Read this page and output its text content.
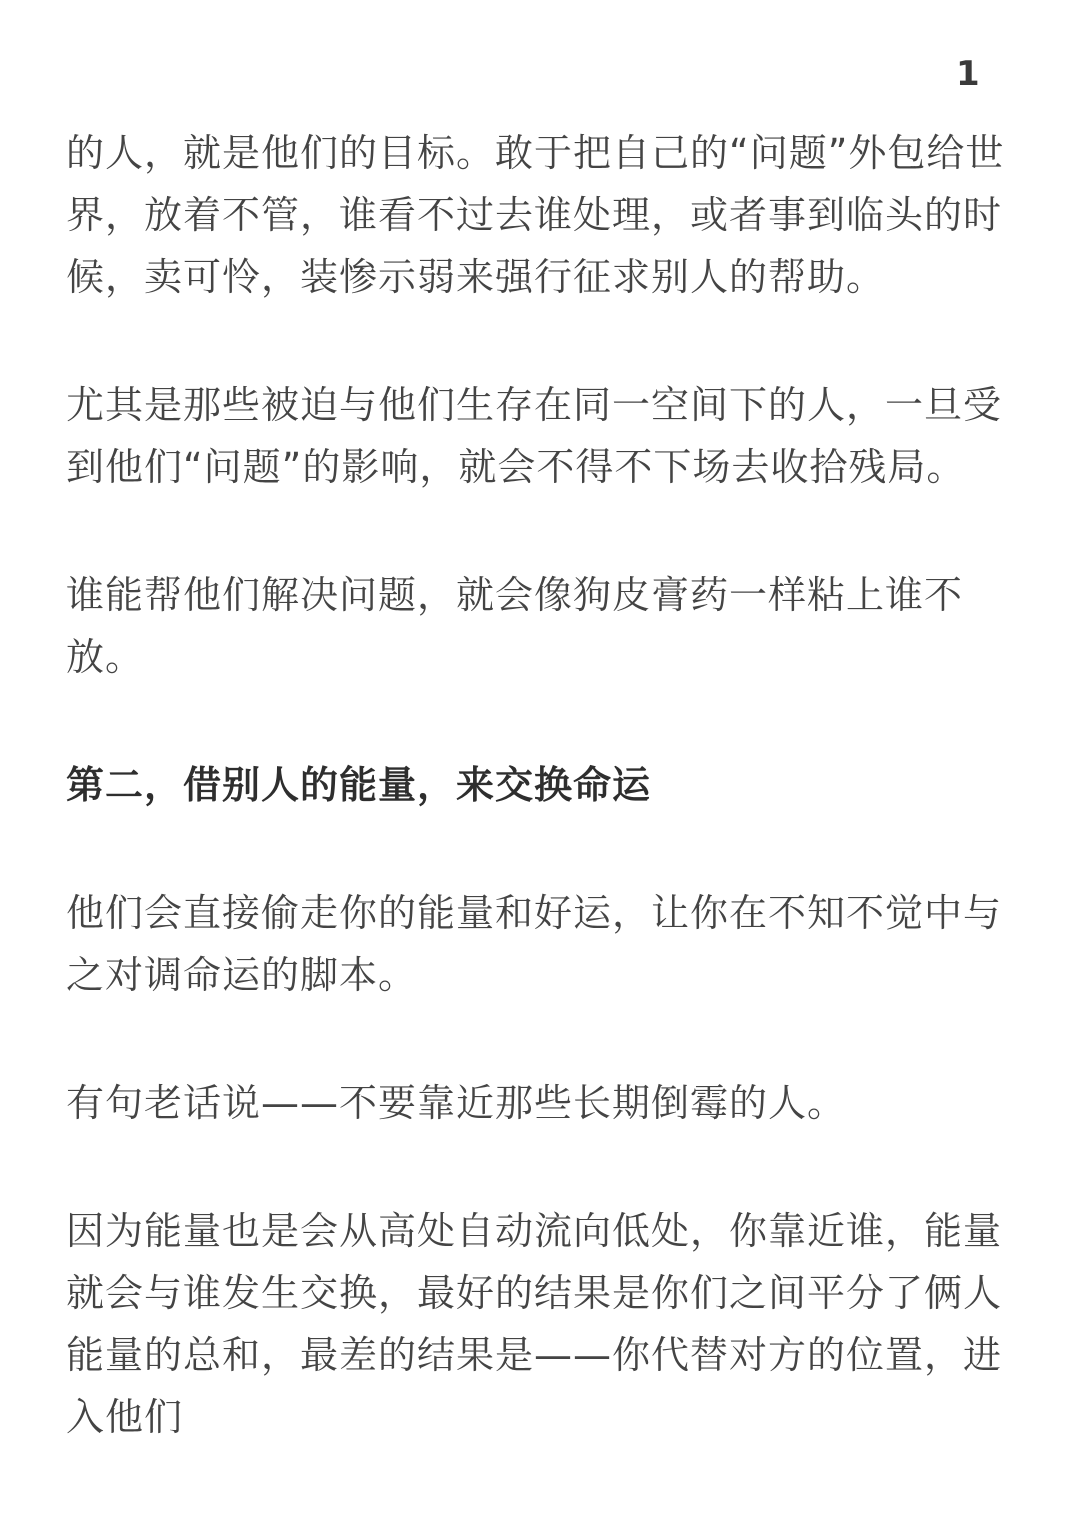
1

的人，就是他们的目标。敢于把自己的“问题”外包给世界，放着不管，谁看不过去谁处理，或者事到临头的时候，卖可怜，装惨示弱来强行征求别人的帮助。

尤其是那些被迫与他们生存在同一空间下的人，一旦受到他们“问题”的影响，就会不得不下场去收拾残局。

谁能帮他们解决问题，就会像狗皮膏药一样粘上谁不放。

第二，借别人的能量，来交换命运

他们会直接偷走你的能量和好运，让你在不知不觉中与之对调命运的脚本。

有句老话说——不要靠近那些长期倒霉的人。

因为能量也是会从高处自动流向低处，你靠近谁，能量就会与谁发生交换，最好的结果是你们之间平分了俩人能量的总和，最差的结果是——你代替对方的位置，进入他们
